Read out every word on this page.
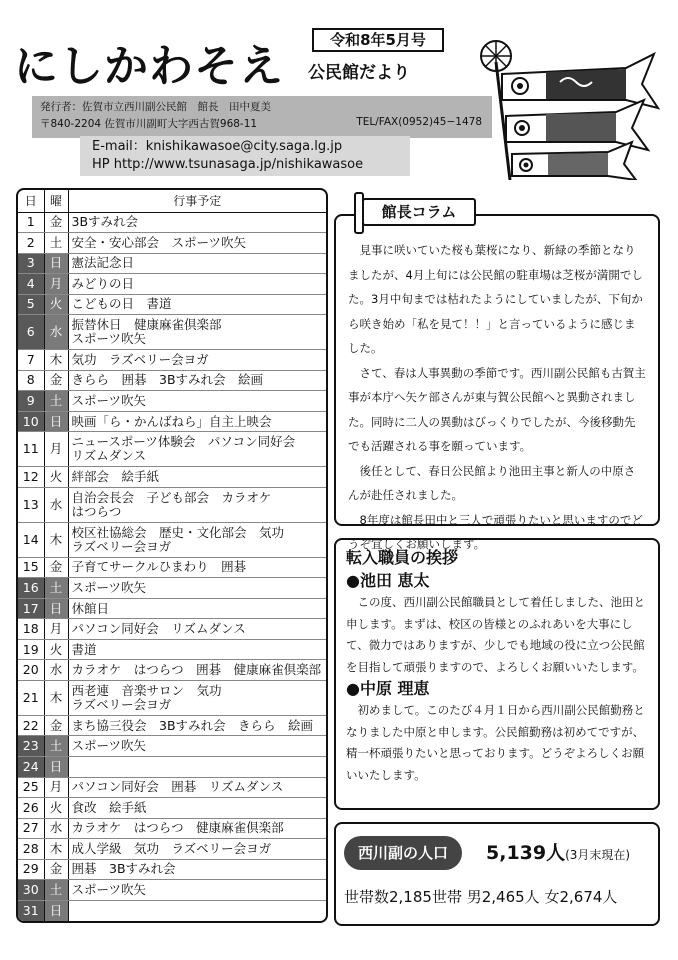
にしかわそえ
令和8年5月号
公民館だより
発行者：佐賀市立西川副公民館　館長　田中夏美
〒840-2204 佐賀市川副町大字西古賀968-11	TEL/FAX(0952)45−1478
E-mail：knishikawasoe@city.saga.lg.jp
HP http://www.tsunasaga.jp/nishikawasoe
日	曜	行事予定
1	金	3Bすみれ会

2	土	安全・安心部会　スポーツ吹矢

3	日	憲法記念日

4	月	みどりの日

5	火	こどもの日　書道

6	水	振替休日　健康麻雀倶楽部
スポーツ吹矢

7	木	気功　ラズベリー会ヨガ

8	金	きらら　囲碁　3Bすみれ会　絵画

9	土	スポーツ吹矢

10	日	映画「ら・かんばねら」自主上映会

11	月	ニュースポーツ体験会　パソコン同好会
リズムダンス

12	火	絆部会　絵手紙

13	水	自治会長会　子ども部会　カラオケ
はつらつ

14	木	校区社協総会　歴史・文化部会　気功
ラズベリー会ヨガ

15	金	子育てサークルひまわり　囲碁

16	土	スポーツ吹矢

17	日	休館日

18	月	パソコン同好会　リズムダンス

19	火	書道

20	水	カラオケ　はつらつ　囲碁　健康麻雀倶楽部

21	木	西老連　音楽サロン　気功
ラズベリー会ヨガ

22	金	まち協三役会　3Bすみれ会　きらら　絵画

23	土	スポーツ吹矢

24	日	

25	月	パソコン同好会　囲碁　リズムダンス

26	火	食改　絵手紙

27	水	カラオケ　はつらつ　健康麻雀倶楽部

28	木	成人学級　気功　ラズベリー会ヨガ

29	金	囲碁　3Bすみれ会

30	土	スポーツ吹矢

31	日	
館長コラム

見事に咲いていた桜も葉桜になり、新緑の季節となりましたが、4月上旬には公民館の駐車場は芝桜が満開でした。3月中旬までは枯れたようにしていましたが、下旬から咲き始め「私を見て！！」と言っているように感じました。

さて、春は人事異動の季節です。西川副公民館も古賀主事が本庁へ矢ケ部さんが東与賀公民館へと異動されました。同時に二人の異動はびっくりでしたが、今後移動先でも活躍される事を願っています。

後任として、春日公民館より池田主事と新人の中原さんが赴任されました。

8年度は館長田中と三人で頑張りたいと思いますのでどうぞ宜しくお願いします。

転入職員の挨拶
●池田 恵太

この度、西川副公民館職員として着任しました、池田と申します。まずは、校区の皆様とのふれあいを大事にして、微力ではありますが、少しでも地域の役に立つ公民館を目指して頑張りますので、よろしくお願いいたします。

●中原 理恵

初めまして。このたび４月１日から西川副公民館勤務となりました中原と申します。公民館勤務は初めてですが、精一杯頑張りたいと思っております。どうぞよろしくお願いいたします。

西川副の人口	5,139人(3月末現在)
世帯数2,185世帯 男2,465人 女2,674人
